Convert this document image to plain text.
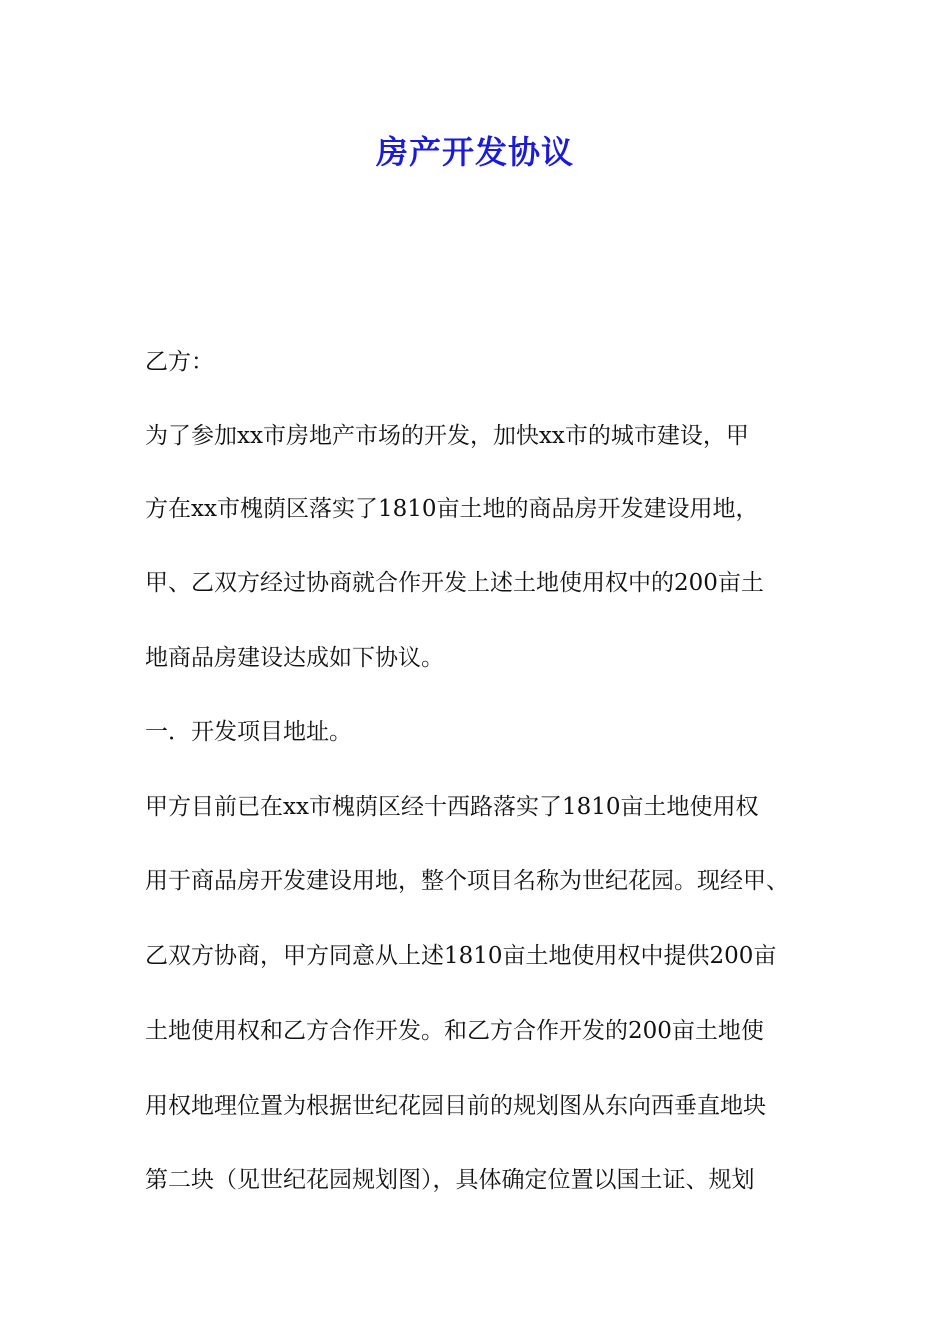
房产开发协议
乙方：
为了参加xx市房地产市场的开发，加快xx市的城市建设，甲
方在xx市槐荫区落实了1810亩土地的商品房开发建设用地，
甲、乙双方经过协商就合作开发上述土地使用权中的200亩土
地商品房建设达成如下协议。
一．开发项目地址。
甲方目前已在xx市槐荫区经十西路落实了1810亩土地使用权
用于商品房开发建设用地，整个项目名称为世纪花园。现经甲、
乙双方协商，甲方同意从上述1810亩土地使用权中提供200亩
土地使用权和乙方合作开发。和乙方合作开发的200亩土地使
用权地理位置为根据世纪花园目前的规划图从东向西垂直地块
第二块（见世纪花园规划图），具体确定位置以国土证、规划
